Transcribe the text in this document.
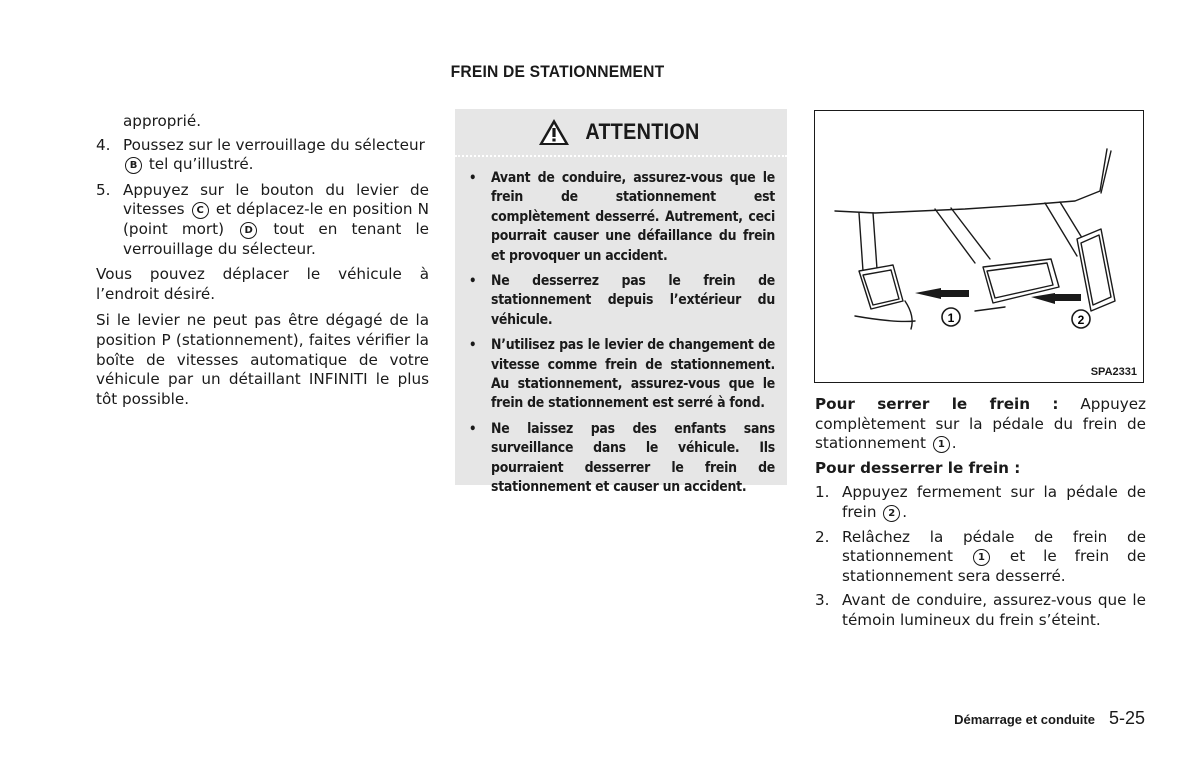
FREIN DE STATIONNEMENT

approprié.

4. Poussez sur le verrouillage du sélecteur
B tel qu’illustré.
5. Appuyez sur le bouton du levier de vitesses C et déplacez-le en position N (point mort) D tout en tenant le verrouillage du sélecteur.

Vous pouvez déplacer le véhicule à l’endroit désiré.

Si le levier ne peut pas être dégagé de la position P (stationnement), faites vérifier la boîte de vitesses automatique de votre véhicule par un détaillant INFINITI le plus tôt possible.

ATTENTION
•	Avant de conduire, assurez-vous que le frein de stationnement est complètement desserré. Autrement, ceci pourrait causer une défaillance du frein et provoquer un accident.
•	Ne desserrez pas le frein de stationnement depuis l’extérieur du véhicule.
•	N’utilisez pas le levier de changement de vitesse comme frein de stationnement. Au stationnement, assurez-vous que le frein de stationnement est serré à fond.
•	Ne laissez pas des enfants sans surveillance dans le véhicule. Ils pourraient desserrer le frein de stationnement et causer un accident.
1	2
SPA2331

Pour serrer le frein : Appuyez complètement sur la pédale du frein de stationnement 1 .

Pour desserrer le frein :

1. Appuyez fermement sur la pédale de frein 2 .
2. Relâchez la pédale de frein de stationnement 1 et le frein de stationnement sera desserré.
3. Avant de conduire, assurez-vous que le témoin lumineux du frein s’éteint.
Démarrage et conduite 5-25
